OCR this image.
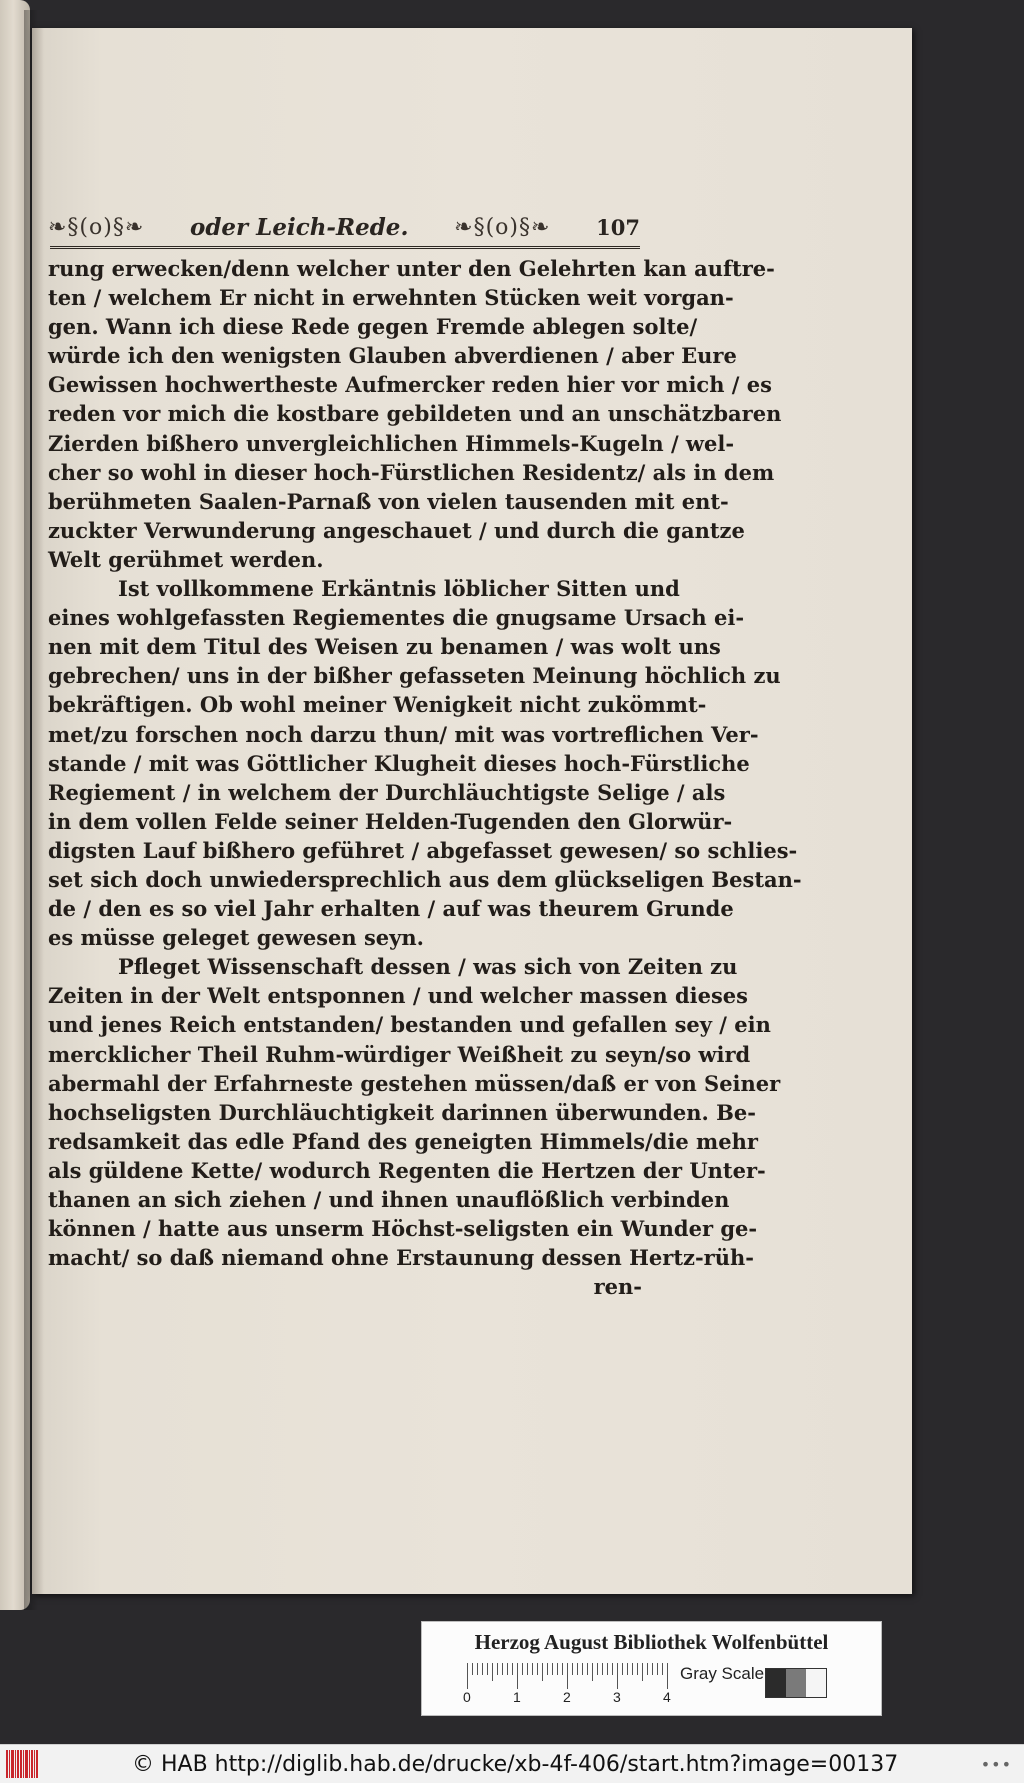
❧§(o)§❧ oder Leich-Rede. ❧§(o)§❧ 107
rung erwecken/denn welcher unter den Gelehrten kan auftre-
ten / welchem Er nicht in erwehnten Stücken weit vorgan-
gen. Wann ich diese Rede gegen Fremde ablegen solte/
würde ich den wenigsten Glauben abverdienen / aber Eure
Gewissen hochwertheste Aufmercker reden hier vor mich / es
reden vor mich die kostbare gebildeten und an unschätzbaren
Zierden bißhero unvergleichlichen Himmels-Kugeln / wel-
cher so wohl in dieser hoch-Fürstlichen Residentz/ als in dem
berühmeten Saalen-Parnaß von vielen tausenden mit ent-
zuckter Verwunderung angeschauet / und durch die gantze
Welt gerühmet werden.
Ist vollkommene Erkäntnis löblicher Sitten und
eines wohlgefassten Regiementes die gnugsame Ursach ei-
nen mit dem Titul des Weisen zu benamen / was wolt uns
gebrechen/ uns in der bißher gefasseten Meinung höchlich zu
bekräftigen. Ob wohl meiner Wenigkeit nicht zukömmt-
met/zu forschen noch darzu thun/ mit was vortreflichen Ver-
stande / mit was Göttlicher Klugheit dieses hoch-Fürstliche
Regiement / in welchem der Durchläuchtigste Selige / als
in dem vollen Felde seiner Helden-Tugenden den Glorwür-
digsten Lauf bißhero geführet / abgefasset gewesen/ so schlies-
set sich doch unwiedersprechlich aus dem glückseligen Bestan-
de / den es so viel Jahr erhalten / auf was theurem Grunde
es müsse geleget gewesen seyn.
Pfleget Wissenschaft dessen / was sich von Zeiten zu
Zeiten in der Welt entsponnen / und welcher massen dieses
und jenes Reich entstanden/ bestanden und gefallen sey / ein
mercklicher Theil Ruhm-würdiger Weißheit zu seyn/so wird
abermahl der Erfahrneste gestehen müssen/daß er von Seiner
hochseligsten Durchläuchtigkeit darinnen überwunden. Be-
redsamkeit das edle Pfand des geneigten Himmels/die mehr
als güldene Kette/ wodurch Regenten die Hertzen der Unter-
thanen an sich ziehen / und ihnen unauflößlich verbinden
können / hatte aus unserm Höchst-seligsten ein Wunder ge-
macht/ so daß niemand ohne Erstaunung dessen Hertz-rüh-
ren-
Herzog August Bibliothek Wolfenbüttel
0	1	2	3	4
Gray Scale
© HAB http://diglib.hab.de/drucke/xb-4f-406/start.htm?image=00137	•••
